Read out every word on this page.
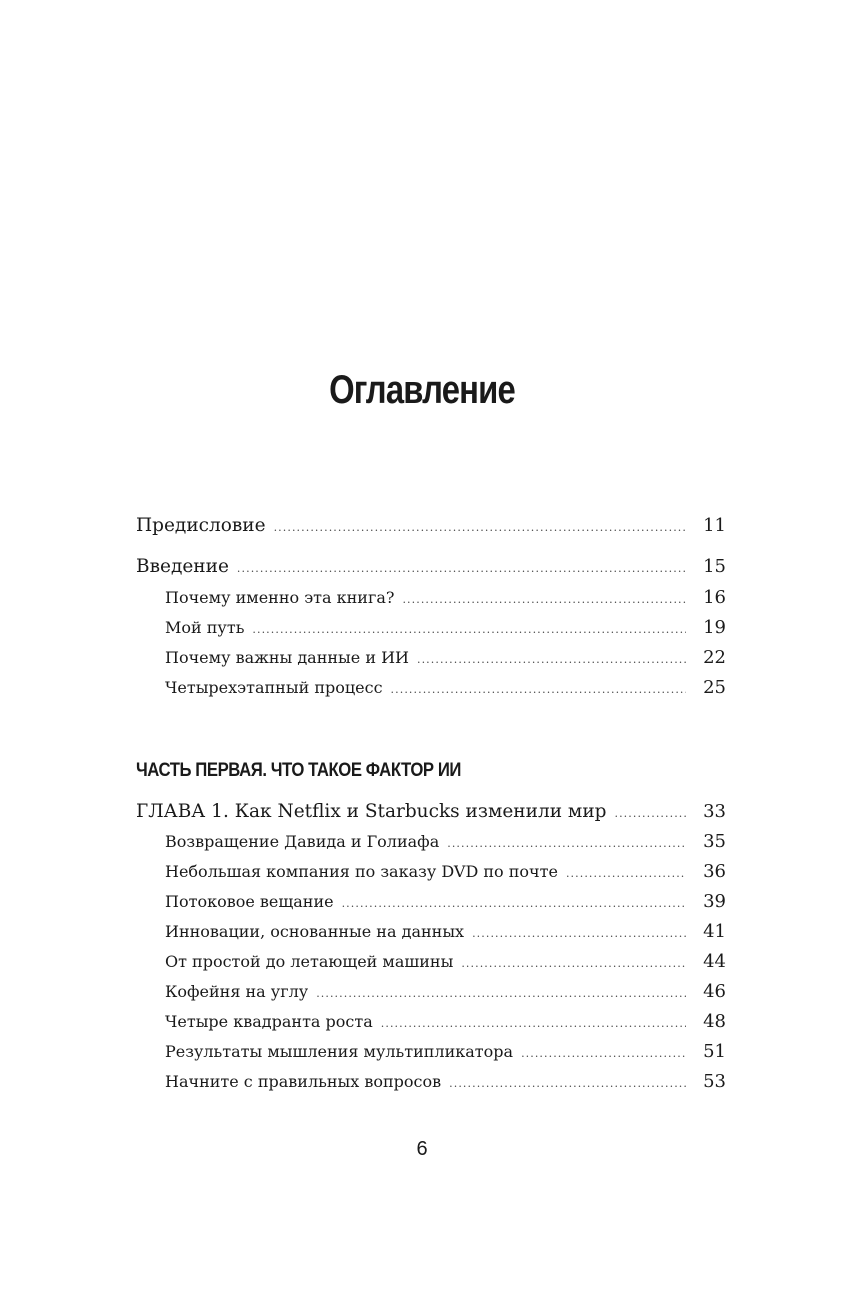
Оглавление
Предисловие . . .	11
Введение . . .	15
Почему именно эта книга? . . .	16
Мой путь . . .	19
Почему важны данные и ИИ . . .	22
Четырехэтапный процесс . . .	25
ЧАСТЬ ПЕРВАЯ. ЧТО ТАКОЕ ФАКТОР ИИ
ГЛАВА 1. Как Netflix и Starbucks изменили мир . . .	33
Возвращение Давида и Голиафа . . .	35
Небольшая компания по заказу DVD по почте . . .	36
Потоковое вещание . . .	39
Инновации, основанные на данных . . .	41
От простой до летающей машины . . .	44
Кофейня на углу . . .	46
Четыре квадранта роста . . .	48
Результаты мышления мультипликатора . . .	51
Начните с правильных вопросов . . .	53
6
